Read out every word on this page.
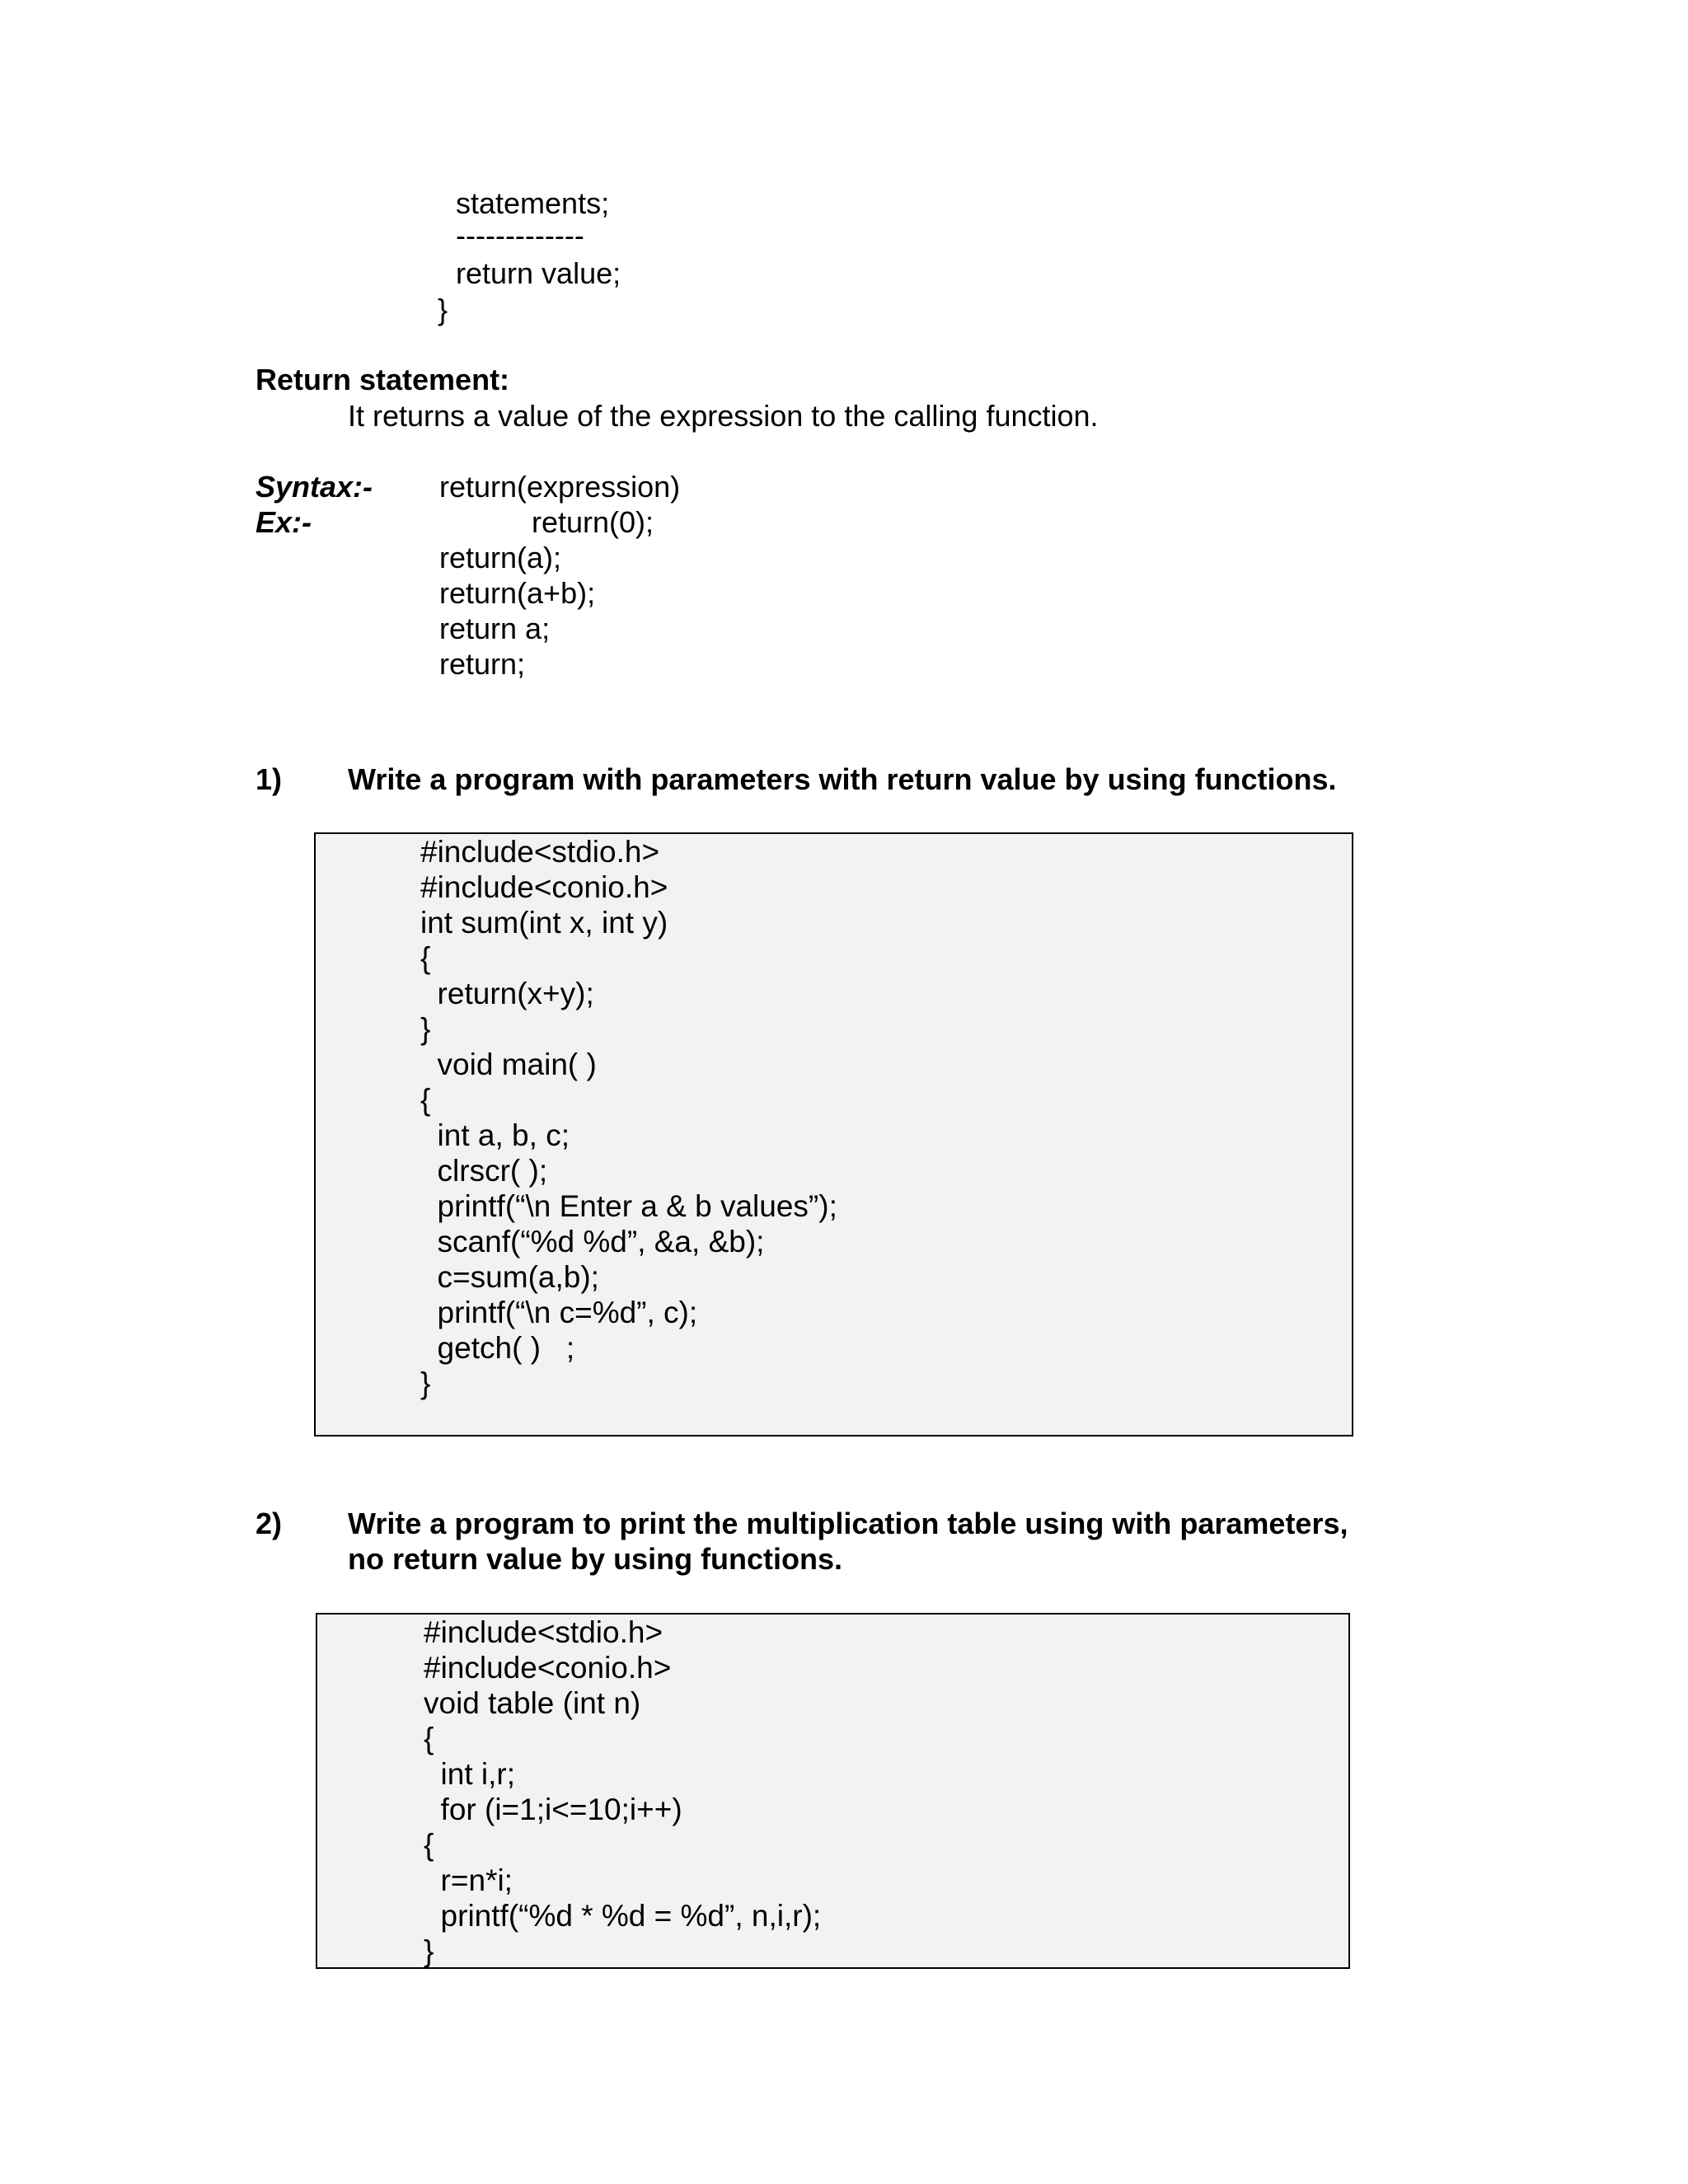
statements;
-------------
return value;
}
Return statement:
It returns a value of the expression to the calling function.
Syntax:- return(expression)
Ex:-	return(0);
return(a);
return(a+b);
return a;
return;
1) Write a program with parameters with return value by using functions.
#include<stdio.h>
#include<conio.h>
int sum(int x, int y)
{
return(x+y);
}
void main( )
{
int a, b, c;
clrscr( );
printf(“\n Enter a & b values”);
scanf(“%d %d”, &a, &b);
c=sum(a,b);
printf(“\n c=%d”, c);
getch( )   ;
}
2) Write a program to print the multiplication table using with parameters,
no return value by using functions.
#include<stdio.h>
#include<conio.h>
void table (int n)
{
int i,r;
for (i=1;i<=10;i++)
{
r=n*i;
printf(“%d * %d = %d”, n,i,r);
}
